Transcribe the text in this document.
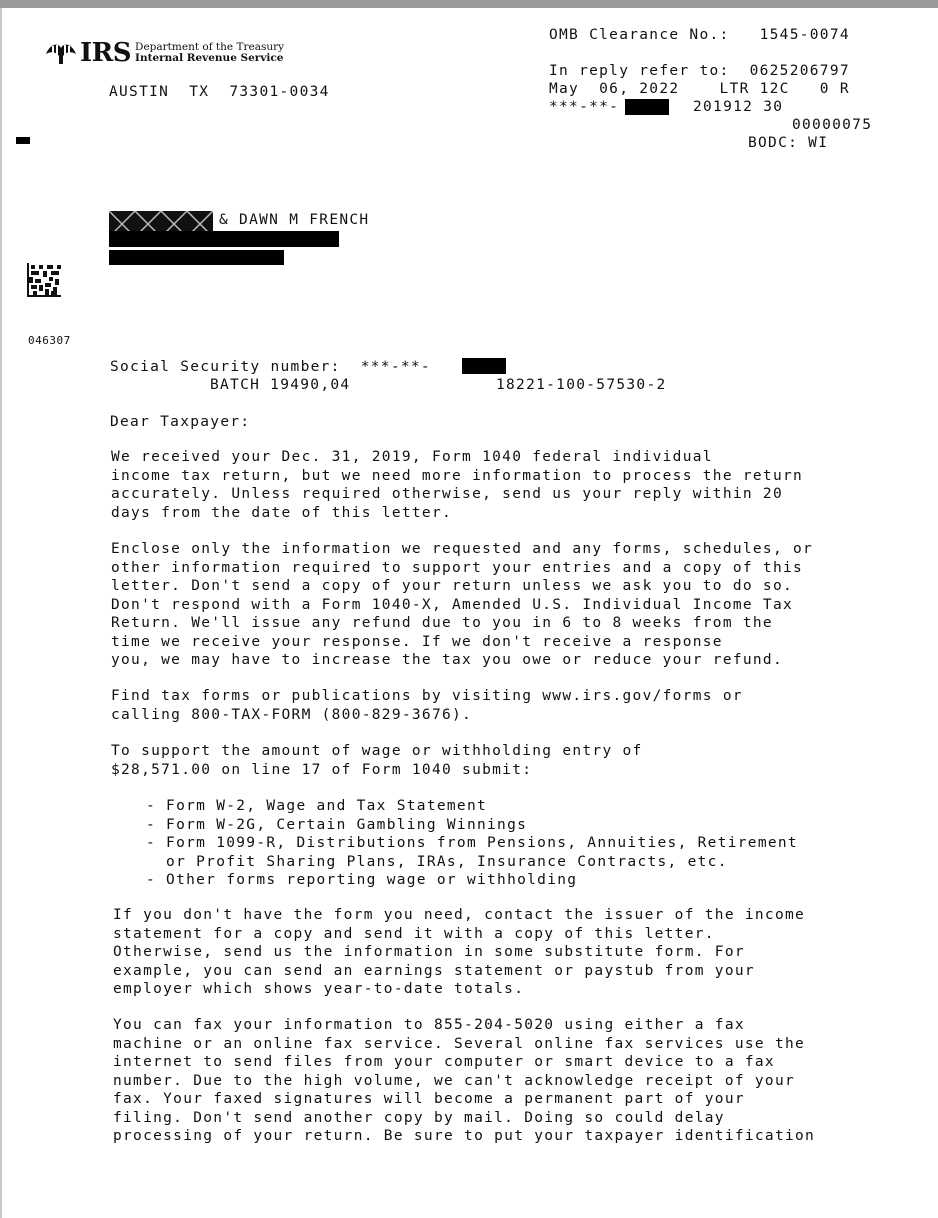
IRS Department of the Treasury
Internal Revenue Service
AUSTIN  TX  73301-0034
OMB Clearance No.:   1545-0074
In reply refer to:  0625206797
May  06, 2022    LTR 12C   0 R
***-**-	201912 30
00000075
BODC: WI
& DAWN M FRENCH
046307
Social Security number:  ***-**-
BATCH 19490,04	18221-100-57530-2
Dear Taxpayer:
We received your Dec. 31, 2019, Form 1040 federal individual
income tax return, but we need more information to process the return
accurately. Unless required otherwise, send us your reply within 20
days from the date of this letter.
Enclose only the information we requested and any forms, schedules, or
other information required to support your entries and a copy of this
letter. Don't send a copy of your return unless we ask you to do so.
Don't respond with a Form 1040-X, Amended U.S. Individual Income Tax
Return. We'll issue any refund due to you in 6 to 8 weeks from the
time we receive your response. If we don't receive a response
you, we may have to increase the tax you owe or reduce your refund.
Find tax forms or publications by visiting www.irs.gov/forms or
calling 800-TAX-FORM (800-829-3676).
To support the amount of wage or withholding entry of
$28,571.00 on line 17 of Form 1040 submit:
- Form W-2, Wage and Tax Statement
- Form W-2G, Certain Gambling Winnings
- Form 1099-R, Distributions from Pensions, Annuities, Retirement
or Profit Sharing Plans, IRAs, Insurance Contracts, etc.
- Other forms reporting wage or withholding
If you don't have the form you need, contact the issuer of the income
statement for a copy and send it with a copy of this letter.
Otherwise, send us the information in some substitute form. For
example, you can send an earnings statement or paystub from your
employer which shows year-to-date totals.
You can fax your information to 855-204-5020 using either a fax
machine or an online fax service. Several online fax services use the
internet to send files from your computer or smart device to a fax
number. Due to the high volume, we can't acknowledge receipt of your
fax. Your faxed signatures will become a permanent part of your
filing. Don't send another copy by mail. Doing so could delay
processing of your return. Be sure to put your taxpayer identification
